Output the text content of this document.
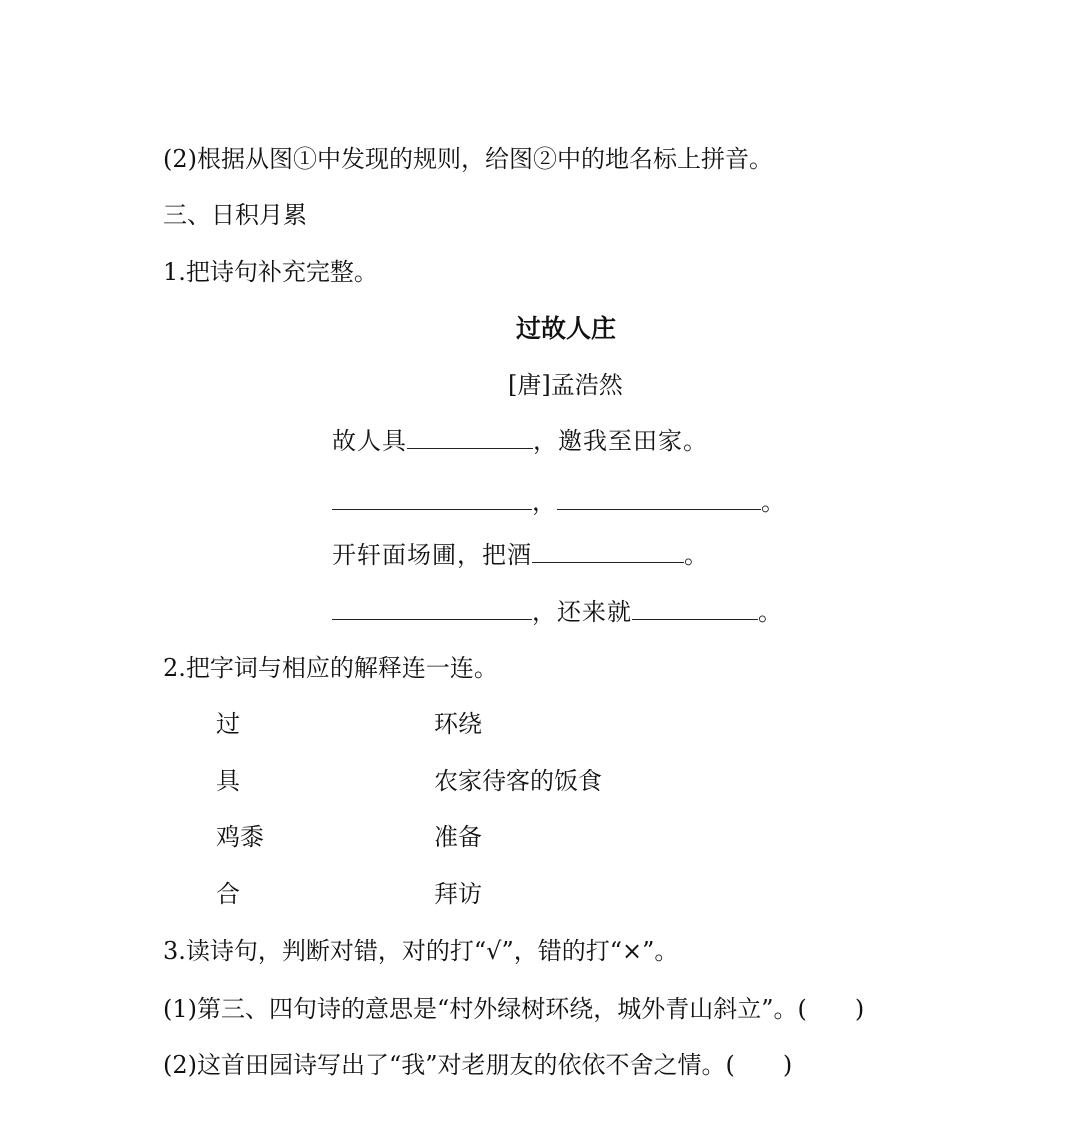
(2)根据从图①中发现的规则，给图②中的地名标上拼音。
三、日积月累
1.把诗句补充完整。
过故人庄
[唐]孟浩然
故人具	，邀我至田家。
，	。
开轩面场圃，把酒	。
，还来就	。
2.把字词与相应的解释连一连。
过	环绕
具	农家待客的饭食
鸡黍	准备
合	拜访
3.读诗句，判断对错，对的打“√”，错的打“×”。
(1)第三、四句诗的意思是“村外绿树环绕，城外青山斜立”。(　　)
(2)这首田园诗写出了“我”对老朋友的依依不舍之情。(　　)
